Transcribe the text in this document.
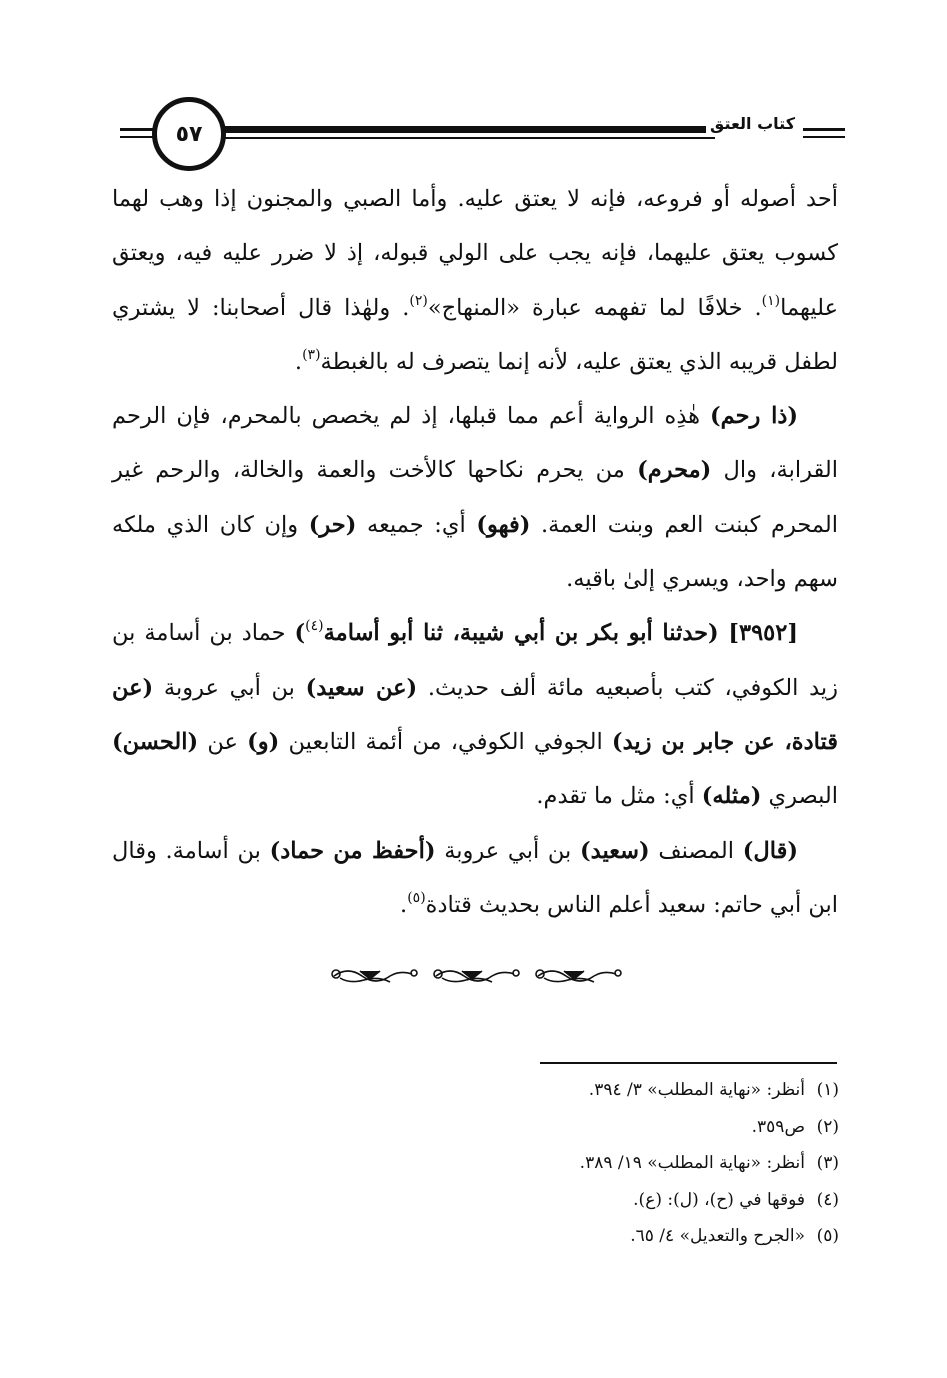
٥٧	كتاب العتق

أحد أصوله أو فروعه، فإنه لا يعتق عليه. وأما الصبي والمجنون إذا وهب لهما كسوب يعتق عليهما، فإنه يجب على الولي قبوله، إذ لا ضرر عليه فيه، ويعتق عليهما$^{(١)}$. خلافًا لما تفهمه عبارة «المنهاج»$^{(٢)}$. ولهٰذا قال أصحابنا: لا يشتري لطفل قريبه الذي يعتق عليه، لأنه إنما يتصرف له بالغبطة$^{(٣)}$.

(ذا رحم) هٰذِه الرواية أعم مما قبلها، إذ لم يخصص بالمحرم، فإن الرحم القرابة، وال (محرم) من يحرم نكاحها كالأخت والعمة والخالة، والرحم غير المحرم كبنت العم وبنت العمة. (فهو) أي: جميعه (حر) وإن كان الذي ملكه سهم واحد، ويسري إلىٰ باقيه.

[٣٩٥٢] (حدثنا أبو بكر بن أبي شيبة، ثنا أبو أسامة$^{(٤)}$) حماد بن أسامة بن زيد الكوفي، كتب بأصبعيه مائة ألف حديث. (عن سعيد) بن أبي عروبة (عن قتادة، عن جابر بن زيد) الجوفي الكوفي، من أئمة التابعين (و) عن (الحسن) البصري (مثله) أي: مثل ما تقدم.

(قال) المصنف (سعيد) بن أبي عروبة (أحفظ من حماد) بن أسامة. وقال ابن أبي حاتم: سعيد أعلم الناس بحديث قتادة$^{(٥)}$.

(١)أنظر: «نهاية المطلب» ٣/ ٣٩٤.
(٢)ص٣٥٩.
(٣)أنظر: «نهاية المطلب» ١٩/ ٣٨٩.
(٤)فوقها في (ح)، (ل): (ع).
(٥)«الجرح والتعديل» ٤/ ٦٥.
